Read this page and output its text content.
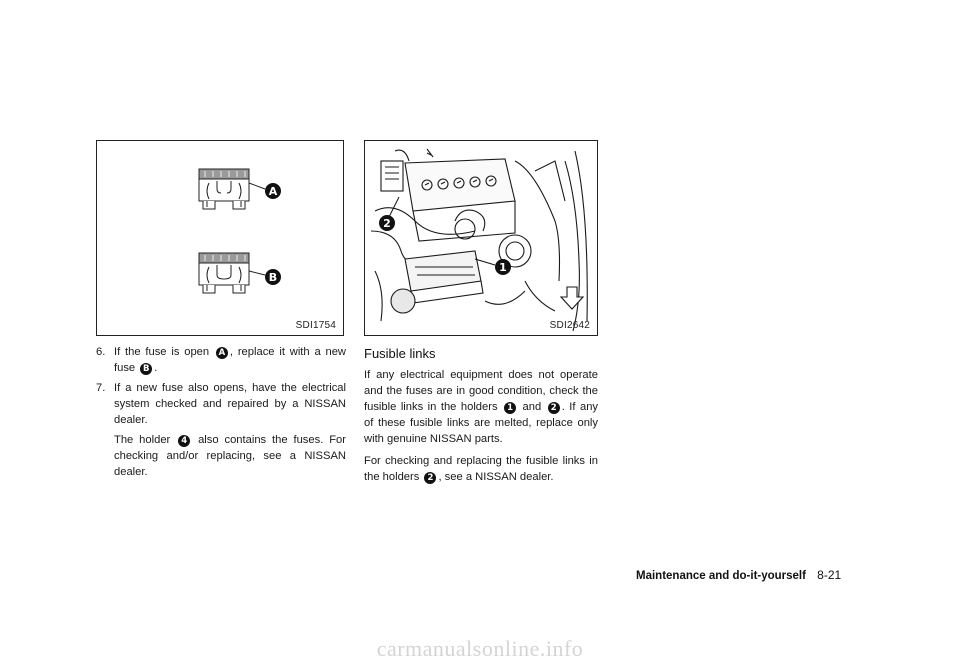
A
B
SDI1754
2
1
SDI2642
6. If the fuse is open A , replace it with a new fuse B .
7. If a new fuse also opens, have the electrical system checked and repaired by a NISSAN dealer.

The holder 4 also contains the fuses. For checking and/or replacing, see a NISSAN dealer.

Fusible links

If any electrical equipment does not operate and the fuses are in good condition, check the fusible links in the holders 1 and 2 . If any of these fusible links are melted, replace only with genuine NISSAN parts.

For checking and replacing the fusible links in the holders 2 , see a NISSAN dealer.

Maintenance and do-it-yourself 8-21
carmanualsonline.info
